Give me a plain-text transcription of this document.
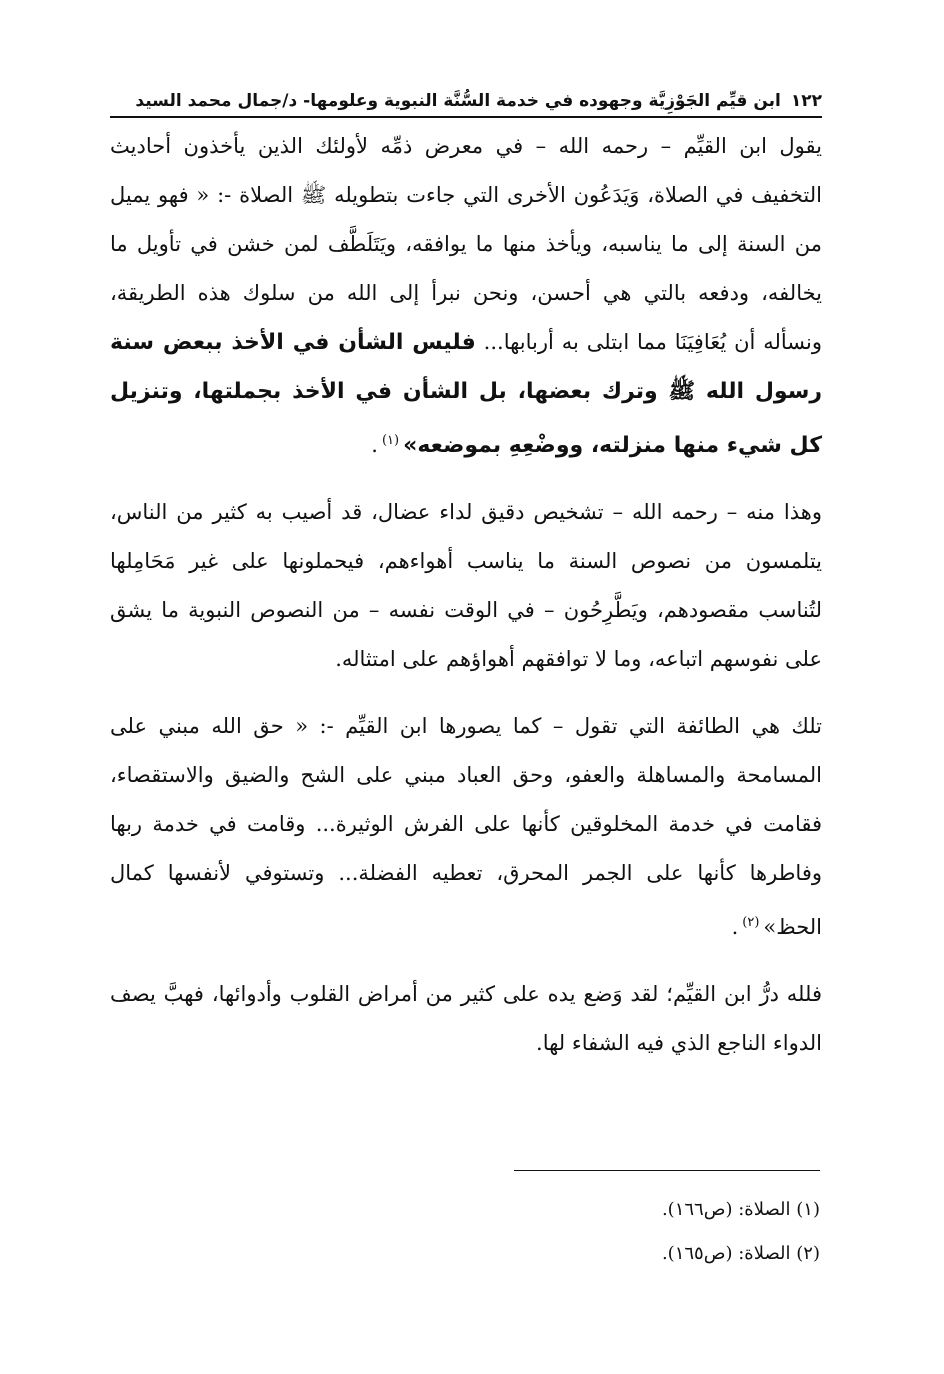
١٢٢
ابن قيِّم الجَوْزِيَّة وجهوده في خدمة السُّنَّة النبوية وعلومها- د/جمال محمد السيد

يقول ابن القيِّم – رحمه الله – في معرض ذمِّه لأولئك الذين يأخذون أحاديث التخفيف في الصلاة، وَيَدَعُون الأخرى التي جاءت بتطويله ﷺ الصلاة -: « فهو يميل من السنة إلى ما يناسبه، ويأخذ منها ما يوافقه، ويَتَلَطَّف لمن خشن في تأويل ما يخالفه، ودفعه بالتي هي أحسن، ونحن نبرأ إلى الله من سلوك هذه الطريقة، ونسأله أن يُعَافِيَنَا مما ابتلى به أربابها... فليس الشأن في الأخذ ببعض سنة رسول الله ﷺ وترك بعضها، بل الشأن في الأخذ بجملتها، وتنزيل كل شيء منها منزلته، ووضْعِهِ بموضعه»$^{(١)}$.

وهذا منه – رحمه الله – تشخيص دقيق لداء عضال، قد أصيب به كثير من الناس، يتلمسون من نصوص السنة ما يناسب أهواءهم، فيحملونها على غير مَحَامِلها لتُناسب مقصودهم، ويَطَّرِحُون – في الوقت نفسه – من النصوص النبوية ما يشق على نفوسهم اتباعه، وما لا توافقهم أهواؤهم على امتثاله.

تلك هي الطائفة التي تقول – كما يصورها ابن القيِّم -: « حق الله مبني على المسامحة والمساهلة والعفو، وحق العباد مبني على الشح والضيق والاستقصاء، فقامت في خدمة المخلوقين كأنها على الفرش الوثيرة... وقامت في خدمة ربها وفاطرها كأنها على الجمر المحرق، تعطيه الفضلة... وتستوفي لأنفسها كمال الحظ»$^{(٢)}$.

فلله درُّ ابن القيِّم؛ لقد وَضع يده على كثير من أمراض القلوب وأدوائها، فهبَّ يصف الدواء الناجع الذي فيه الشفاء لها.

(١) الصلاة: (ص١٦٦).
(٢) الصلاة: (ص١٦٥).
